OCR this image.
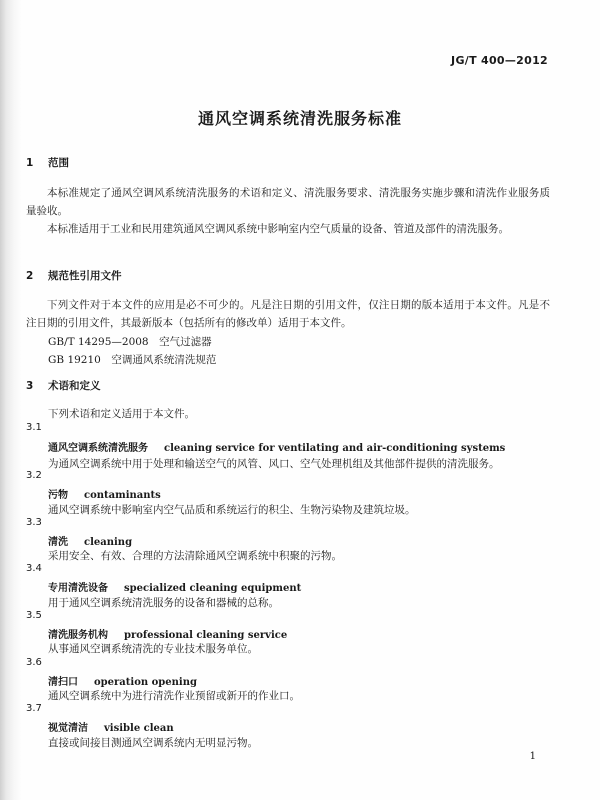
JG/T 400—2012
通风空调系统清洗服务标准
1 范围
本标准规定了通风空调风系统清洗服务的术语和定义、清洗服务要求、清洗服务实施步骤和清洗作业服务质量验收。
本标准适用于工业和民用建筑通风空调风系统中影响室内空气质量的设备、管道及部件的清洗服务。
2 规范性引用文件
下列文件对于本文件的应用是必不可少的。凡是注日期的引用文件，仅注日期的版本适用于本文件。凡是不注日期的引用文件，其最新版本（包括所有的修改单）适用于本文件。
GB/T 14295—2008　空气过滤器
GB 19210　空调通风系统清洗规范
3 术语和定义
下列术语和定义适用于本文件。
3.1
通风空调系统清洗服务 cleaning service for ventilating and air-conditioning systems
为通风空调系统中用于处理和输送空气的风管、风口、空气处理机组及其他部件提供的清洗服务。
3.2
污物 contaminants
通风空调系统中影响室内空气品质和系统运行的积尘、生物污染物及建筑垃圾。
3.3
清洗 cleaning
采用安全、有效、合理的方法清除通风空调系统中积聚的污物。
3.4
专用清洗设备 specialized cleaning equipment
用于通风空调系统清洗服务的设备和器械的总称。
3.5
清洗服务机构 professional cleaning service
从事通风空调系统清洗的专业技术服务单位。
3.6
清扫口 operation opening
通风空调系统中为进行清洗作业预留或新开的作业口。
3.7
视觉清洁 visible clean
直接或间接目测通风空调系统内无明显污物。
1
